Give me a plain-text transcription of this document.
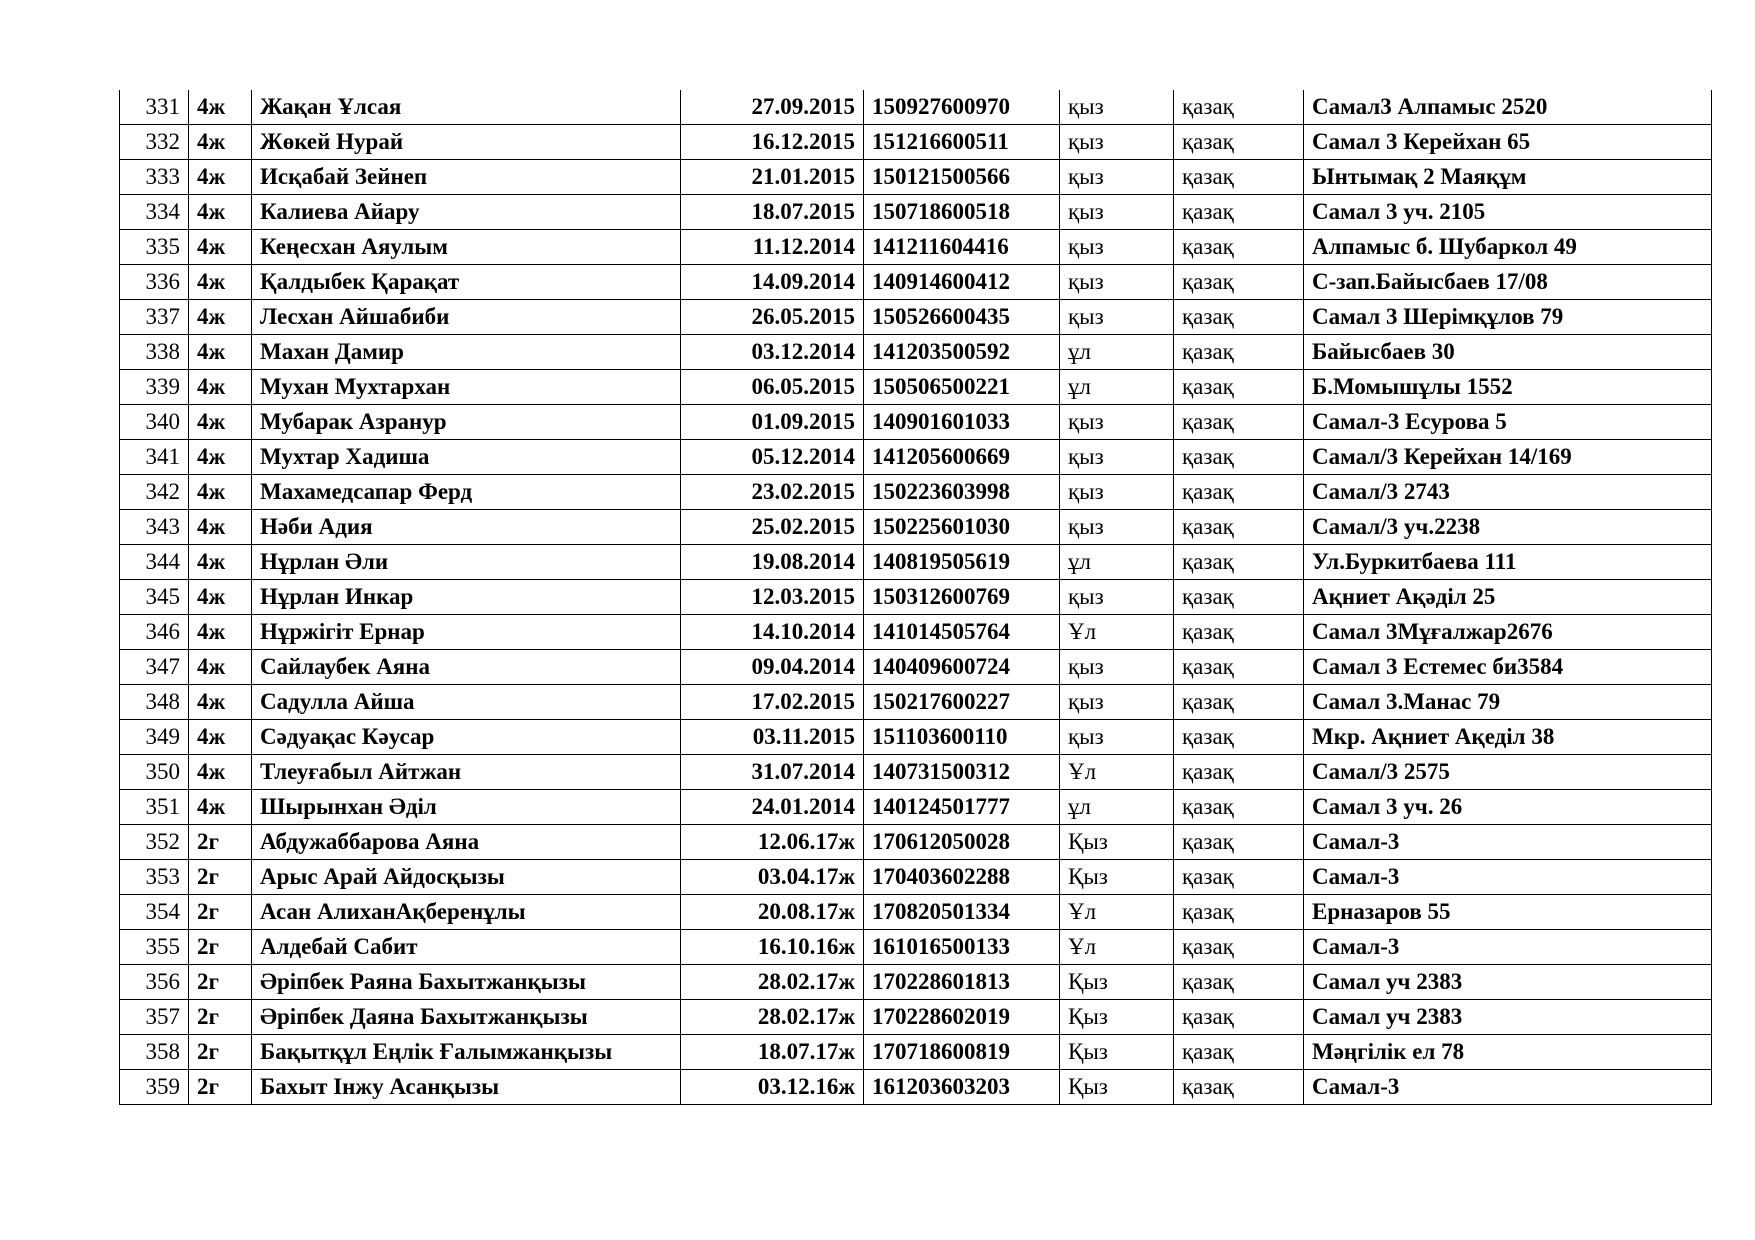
331	4ж	Жақан Ұлсая	27.09.2015	150927600970	қыз	қазақ	Самал3 Алпамыс 2520
332	4ж	Жөкей Нурай	16.12.2015	151216600511	қыз	қазақ	Самал 3 Керейхан 65
333	4ж	Исқабай Зейнеп	21.01.2015	150121500566	қыз	қазақ	Ынтымақ 2 Маяқұм
334	4ж	Калиева Айару	18.07.2015	150718600518	қыз	қазақ	Самал 3 уч. 2105
335	4ж	Кеңесхан Аяулым	11.12.2014	141211604416	қыз	қазақ	Алпамыс б. Шубаркол 49
336	4ж	Қалдыбек Қарақат	14.09.2014	140914600412	қыз	қазақ	С-зап.Байысбаев 17/08
337	4ж	Лесхан Айшабиби	26.05.2015	150526600435	қыз	қазақ	Самал 3 Шерімқұлов 79
338	4ж	Махан Дамир	03.12.2014	141203500592	ұл	қазақ	Байысбаев 30
339	4ж	Мухан Мухтархан	06.05.2015	150506500221	ұл	қазақ	Б.Момышұлы 1552
340	4ж	Мубарак Азранур	01.09.2015	140901601033	қыз	қазақ	Самал-3 Есурова 5
341	4ж	Мухтар Хадиша	05.12.2014	141205600669	қыз	қазақ	Самал/3 Керейхан 14/169
342	4ж	Махамедсапар Ферд	23.02.2015	150223603998	қыз	қазақ	Самал/3 2743
343	4ж	Нәби Адия	25.02.2015	150225601030	қыз	қазақ	Самал/3 уч.2238
344	4ж	Нұрлан Әли	19.08.2014	140819505619	ұл	қазақ	Ул.Буркитбаева 111
345	4ж	Нұрлан Инкар	12.03.2015	150312600769	қыз	қазақ	Ақниет Ақәділ 25
346	4ж	Нұржігіт Ернар	14.10.2014	141014505764	Ұл	қазақ	Самал 3Мұғалжар2676
347	4ж	Сайлаубек Аяна	09.04.2014	140409600724	қыз	қазақ	Самал 3 Естемес би3584
348	4ж	Садулла Айша	17.02.2015	150217600227	қыз	қазақ	Самал 3.Манас 79
349	4ж	Сәдуақас Кәусар	03.11.2015	151103600110	қыз	қазақ	Мкр. Ақниет Ақеділ 38
350	4ж	Тлеуғабыл Айтжан	31.07.2014	140731500312	Ұл	қазақ	Самал/3 2575
351	4ж	Шырынхан Әділ	24.01.2014	140124501777	ұл	қазақ	Самал 3 уч. 26
352	2г	Абдужаббарова Аяна	12.06.17ж	170612050028	Қыз	қазақ	Самал-3
353	2г	Арыс Арай Айдосқызы	03.04.17ж	170403602288	Қыз	қазақ	Самал-3
354	2г	Асан АлиханАқберенұлы	20.08.17ж	170820501334	Ұл	қазақ	Ерназаров 55
355	2г	Алдебай Сабит	16.10.16ж	161016500133	Ұл	қазақ	Самал-3
356	2г	Әріпбек Раяна Бахытжанқызы	28.02.17ж	170228601813	Қыз	қазақ	Самал уч 2383
357	2г	Әріпбек Даяна Бахытжанқызы	28.02.17ж	170228602019	Қыз	қазақ	Самал уч 2383
358	2г	Бақытқұл Еңлік Ғалымжанқызы	18.07.17ж	170718600819	Қыз	қазақ	Мәңгілік ел 78
359	2г	Бахыт Інжу Асанқызы	03.12.16ж	161203603203	Қыз	қазақ	Самал-3
